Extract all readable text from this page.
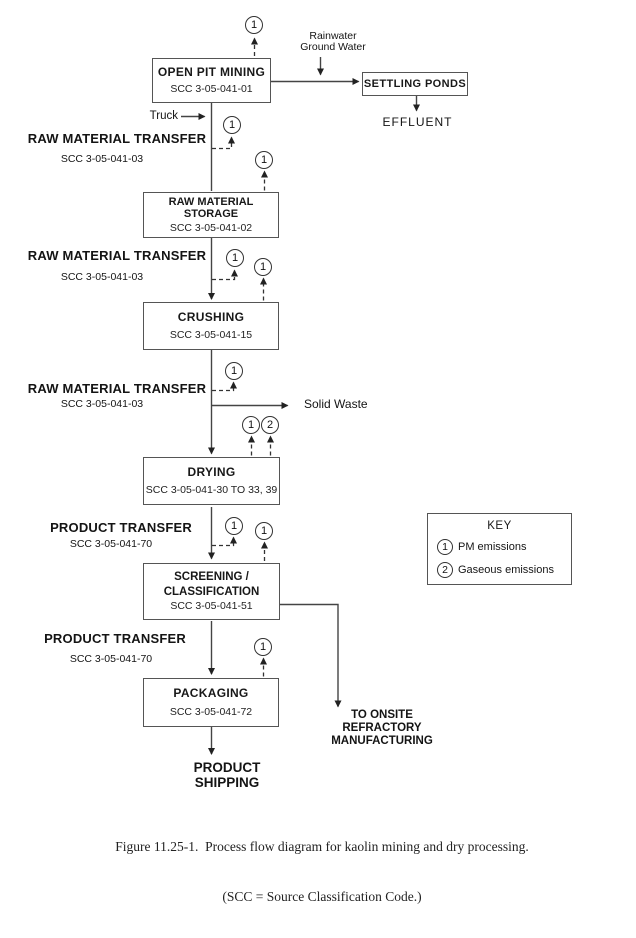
OPEN PIT MINING
SCC 3-05-041-01	SETTLING PONDS
RAW MATERIAL STORAGE
SCC 3-05-041-02
CRUSHING
SCC 3-05-041-15
DRYING
SCC 3-05-041-30 TO 33, 39
SCREENING /
CLASSIFICATION
SCC 3-05-041-51
PACKAGING
SCC 3-05-041-72
1
1
1
1
1
1
1	2
1	1
1
Rainwater
Ground Water
Truck	EFFLUENT
RAW MATERIAL TRANSFER
SCC 3-05-041-03
RAW MATERIAL TRANSFER
SCC 3-05-041-03
RAW MATERIAL TRANSFER
SCC 3-05-041-03	Solid Waste
PRODUCT TRANSFER
SCC 3-05-041-70
PRODUCT TRANSFER
SCC 3-05-041-70
TO ONSITE
REFRACTORY
MANUFACTURING
PRODUCT SHIPPING
KEY
1 PM emissions
2 Gaseous emissions

Figure 11.25-1.  Process flow diagram for kaolin mining and dry processing.

(SCC = Source Classification Code.)
